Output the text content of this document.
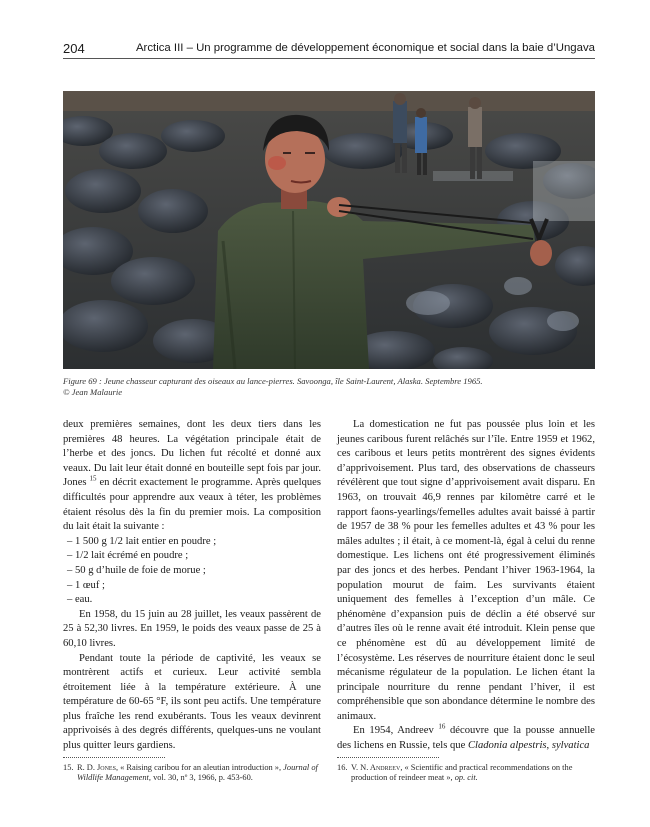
204	Arctica III – Un programme de développement économique et social dans la baie d’Ungava
Figure 69 : Jeune chasseur capturant des oiseaux au lance-pierres. Savoonga, île Saint-Laurent, Alaska. Septembre 1965.
© Jean Malaurie

deux premières semaines, dont les deux tiers dans les premières 48 heures. La végétation principale était de l’herbe et des joncs. Du lichen fut récolté et donné aux veaux. Du lait leur était donné en bouteille sept fois par jour. Jones $^{15}$ en décrit exactement le programme. Après quelques difficultés pour apprendre aux veaux à téter, les problèmes étaient résolus dès la fin du premier mois. La composition du lait était la suivante :

– 1 500 g 1/2 lait entier en poudre ;
– 1/2 lait écrémé en poudre ;
– 50 g d’huile de foie de morue ;
– 1 œuf ;
– eau.

En 1958, du 15 juin au 28 juillet, les veaux passèrent de 25 à 52,30 livres. En 1959, le poids des veaux passe de 25 à 60,10 livres.

Pendant toute la période de captivité, les veaux se montrèrent actifs et curieux. Leur activité sembla étroitement liée à la température extérieure. À une température de 60-65 °F, ils sont peu actifs. Une température plus fraîche les rend exubérants. Tous les veaux devinrent apprivoisés à des degrés différents, quelques-uns ne voulant plus quitter leurs gardiens.

15. R. D. Jones, « Raising caribou for an aleutian introduction », Journal of Wildlife Management, vol. 30, nº 3, 1966, p. 453-60.

La domestication ne fut pas poussée plus loin et les jeunes caribous furent relâchés sur l’île. Entre 1959 et 1962, ces caribous et leurs petits montrèrent des signes évidents d’apprivoisement. Plus tard, des observations de chasseurs révélèrent que tout signe d’apprivoisement avait disparu. En 1963, on trouvait 46,9 rennes par kilomètre carré et le rapport faons-yearlings/femelles adultes avait baissé à partir de 1957 de 38 % pour les femelles adultes et 43 % pour les mâles adultes ; il était, à ce moment-là, égal à celui du renne domestique. Les lichens ont été progressivement éliminés par des joncs et des herbes. Pendant l’hiver 1963-1964, la population mourut de faim. Les survivants étaient uniquement des femelles à l’exception d’un mâle. Ce phénomène d’expansion puis de déclin a été observé sur d’autres îles où le renne avait été introduit. Klein pense que ce phénomène est dû au développement limité de l’écosystème. Les réserves de nourriture étaient donc le seul mécanisme régulateur de la population. Le lichen étant la principale nourriture du renne pendant l’hiver, il est compréhensible que son abondance détermine le nombre des animaux.

En 1954, Andreev $^{16}$ découvre que la pousse annuelle des lichens en Russie, tels que Cladonia alpestris, sylvatica

16. V. N. Andreev, « Scientific and practical recommendations on the production of reindeer meat », op. cit.
